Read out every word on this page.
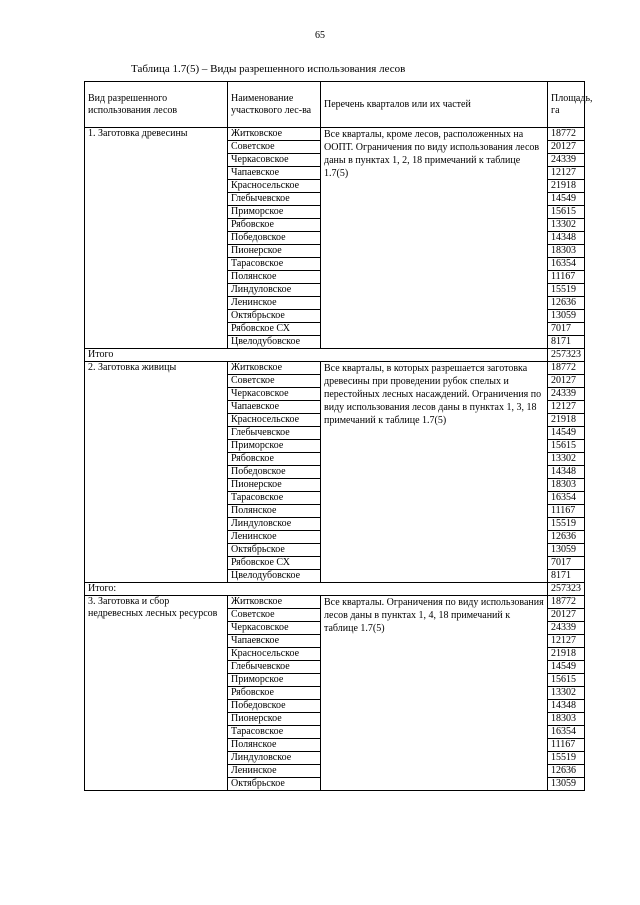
65
Таблица 1.7(5) – Виды разрешенного использования лесов
Вид разрешенного использования лесов	Наименование участкового лес-ва	Перечень кварталов или их частей	Площадь, га
1. Заготовка древесины	Житковское	Все кварталы, кроме лесов, расположенных на ООПТ. Ограничения по виду использования лесов даны в пунктах 1, 2, 18 примечаний к таблице 1.7(5)	18772
	Советское		20127
	Черкасовское		24339
	Чапаевское		12127
	Красносельское		21918
	Глебычевское		14549
	Приморское		15615
	Рябовское		13302
	Победовское		14348
	Пионерское		18303
	Тарасовское		16354
	Полянское		11167
	Линдуловское		15519
	Ленинское		12636
	Октябрьское		13059
	Рябовское СХ		7017
	Цвелодубовское		8171
Итого			257323
2. Заготовка живицы	Житковское	Все кварталы, в которых разрешается заготовка древесины при проведении рубок спелых и перестойных лесных насаждений. Ограничения по виду использования лесов даны в пунктах 1, 3, 18 примечаний к таблице 1.7(5)	18772
	Советское		20127
	Черкасовское		24339
	Чапаевское		12127
	Красносельское		21918
	Глебычевское		14549
	Приморское		15615
	Рябовское		13302
	Победовское		14348
	Пионерское		18303
	Тарасовское		16354
	Полянское		11167
	Линдуловское		15519
	Ленинское		12636
	Октябрьское		13059
	Рябовское СХ		7017
	Цвелодубовское		8171
Итого:			257323
3. Заготовка и сбор недревесных лесных ресурсов	Житковское	Все кварталы. Ограничения по виду использования лесов даны в пунктах 1, 4, 18 примечаний к таблице 1.7(5)	18772
	Советское		20127
	Черкасовское		24339
	Чапаевское		12127
	Красносельское		21918
	Глебычевское		14549
	Приморское		15615
	Рябовское		13302
	Победовское		14348
	Пионерское		18303
	Тарасовское		16354
	Полянское		11167
	Линдуловское		15519
	Ленинское		12636
	Октябрьское		13059
